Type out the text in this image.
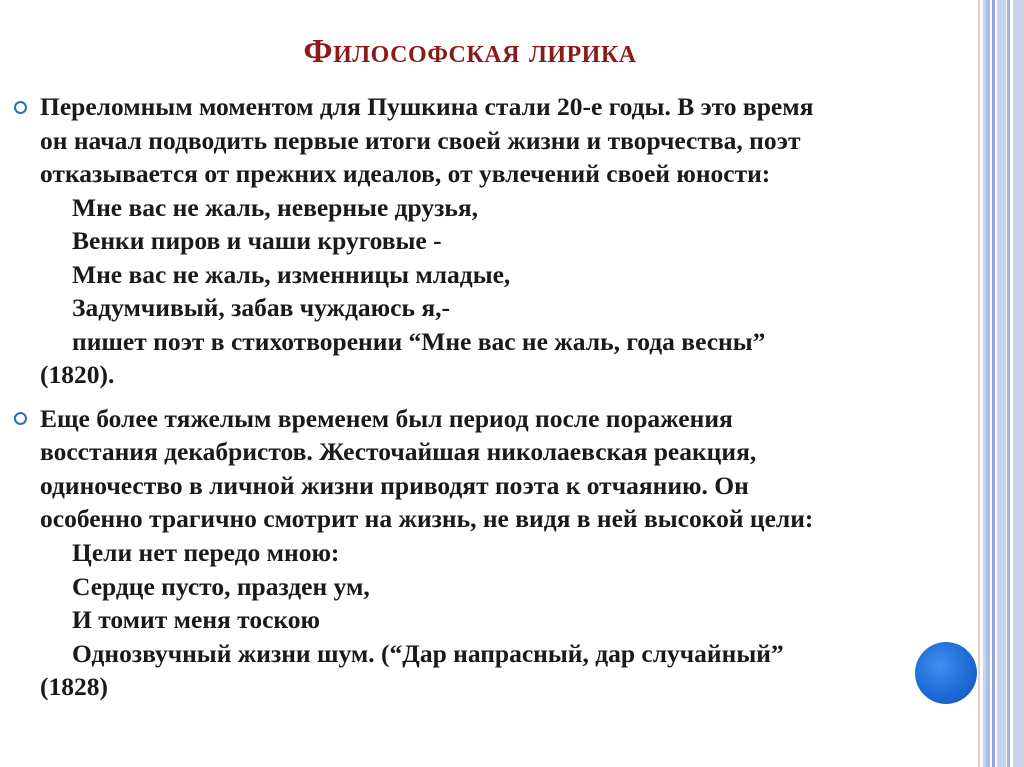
Философская лирика
Переломным моментом для Пушкина стали 20-е годы. В это время
он начал подводить первые итоги своей жизни и творчества, поэт
отказывается от прежних идеалов, от увлечений своей юности:
Мне вас не жаль, неверные друзья,
Венки пиров и чаши круговые -
Мне вас не жаль, изменницы младые,
Задумчивый, забав чуждаюсь я,-
пишет поэт в стихотворении “Мне вас не жаль, года весны”
(1820).
Еще более тяжелым временем был период после поражения
восстания декабристов. Жесточайшая николаевская реакция,
одиночество в личной жизни приводят поэта к отчаянию. Он
особенно трагично смотрит на жизнь, не видя в ней высокой цели:
Цели нет передо мною:
Сердце пусто, празден ум,
И томит меня тоскою
Однозвучный жизни шум. (“Дар напрасный, дар случайный”
(1828)
